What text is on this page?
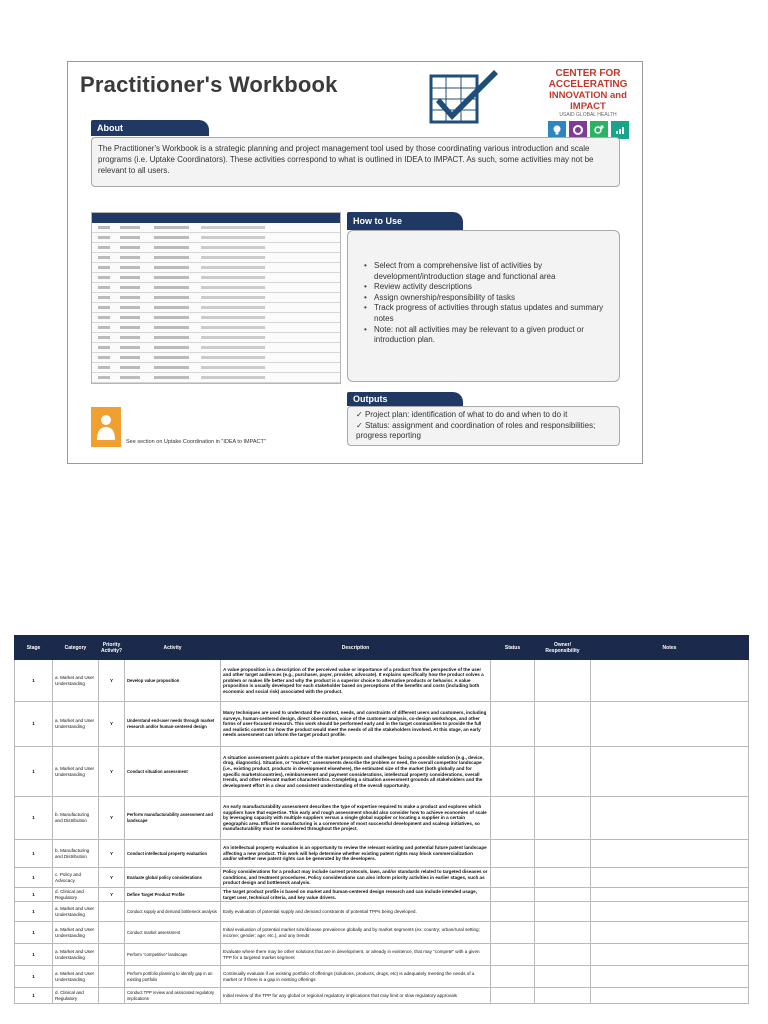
Practitioner's Workbook	CENTER FOR ACCELERATING
INNOVATION and IMPACT
USAID GLOBAL HEALTH
About
The Practitioner's Workbook is a strategic planning and project management tool used by those coordinating various introduction and scale programs (i.e. Uptake Coordinators). These activities correspond to what is outlined in IDEA to IMPACT. As such, some activities may not be relevant to all users.
How to Use
• Select from a comprehensive list of activities by development/introduction stage and functional area
• Review activity descriptions
• Assign ownership/responsibility of tasks
• Track progress of activities through status updates and summary notes
• Note: not all activities may be relevant to a given product or introduction plan.
Outputs
✓ Project plan: identification of what to do and when to do it
✓ Status: assignment and coordination of roles and responsibilities; progress reporting
See section on Uptake Coordination in "IDEA to IMPACT"
Stage	Category	Priority Activity?	Activity	Description	Status	Owner/ Responsibility	Notes
1	a. Market and User Understanding	Y	Develop value proposition	A value proposition is a description of the perceived value or importance of a product from the perspective of the user and other target audiences (e.g., purchaser, payer, provider, advocate). It explains specifically how the product solves a problem or makes life better and why the product is a superior choice to alternative products or behavior. A value proposition is usually developed for each stakeholder based on perceptions of the benefits and costs (including both economic and social risk) associated with the product.			
1	a. Market and User Understanding	Y	Understand end-user needs through market research and/or human-centered design	Many techniques are used to understand the context, needs, and constraints of different users and customers, including surveys, human-centered design, direct observation, voice of the customer analysis, co-design workshops, and other forms of user-focused research. This work should be performed early and in the target communities to provide the full and realistic context for how the product would meet the needs of all the stakeholders involved. At this stage, an early needs assessment can inform the target product profile.			
1	a. Market and User Understanding	Y	Conduct situation assessment	A situation assessment paints a picture of the market prospects and challenges facing a possible solution (e.g., device, drug, diagnostic). Situation, or "market," assessments describe the problem or need, the overall competitor landscape (i.e., existing product, products in development elsewhere), the estimated size of the market (both globally and for specific markets/countries), reimbursement and payment considerations, intellectual property considerations, overall trends, and other relevant market characteristics. Completing a situation assessment grounds all stakeholders and the development effort in a clear and consistent understanding of the overall opportunity.			
1	b. Manufacturing and Distribution	Y	Perform manufacturability assessment and landscape	An early manufacturability assessment describes the type of expertise required to make a product and explores which suppliers have that expertise. This early and rough assessment should also consider how to achieve economies of scale by leveraging capacity with multiple suppliers versus a single global supplier or locating a supplier in a certain geographic area. Efficient manufacturing is a cornerstone of most successful development and scaleup initiatives, so manufacturability must be considered throughout the project.			
1	b. Manufacturing and Distribution	Y	Conduct intellectual property evaluation	An intellectual property evaluation is an opportunity to review the relevant existing and potential future patent landscape affecting a new product. This work will help determine whether existing patent rights may block commercialization and/or whether new patent rights can be generated by the developers.			
1	c. Policy and Advocacy	Y	Evaluate global policy considerations	Policy considerations for a product may include current protocols, laws, and/or standards related to targeted diseases or conditions, and treatment procedures. Policy considerations can also inform priority activities in earlier stages, such as product design and bottleneck analysis.			
1	d. Clinical and Regulatory	Y	Define Target Product Profile	The target product profile is based on market and human-centered design research and can include intended usage, target user, technical criteria, and key value drivers.			
1	a. Market and User Understanding		Conduct supply and demand bottleneck analysis	Early evaluation of potential supply and demand constraints of potential TPPs being developed.			
1	a. Market and User Understanding		Conduct market assessment	Initial evaluation of potential market size/disease prevalence globally and by market segments (ex: country; urban/rural setting; income; gender; age; etc.), and any trends			
1	a. Market and User Understanding		Perform "competitive" landscape	Evaluate where there may be other solutions that are in development, or already in existence, that may "compete" with a given TPP for a targeted market segment			
1	a. Market and User Understanding		Perform portfolio planning to identify gap in an existing portfolio	Continually evaluate if an existing portfolio of offerings (solutions, products, drugs, etc) is adequately meeting the needs of a market or if there is a gap in existing offerings			
1	d. Clinical and Regulatory		Conduct TPP review and associated regulatory implications	Initial review of the TPP for any global or regional regulatory implications that may limit or slow regulatory approvals			
